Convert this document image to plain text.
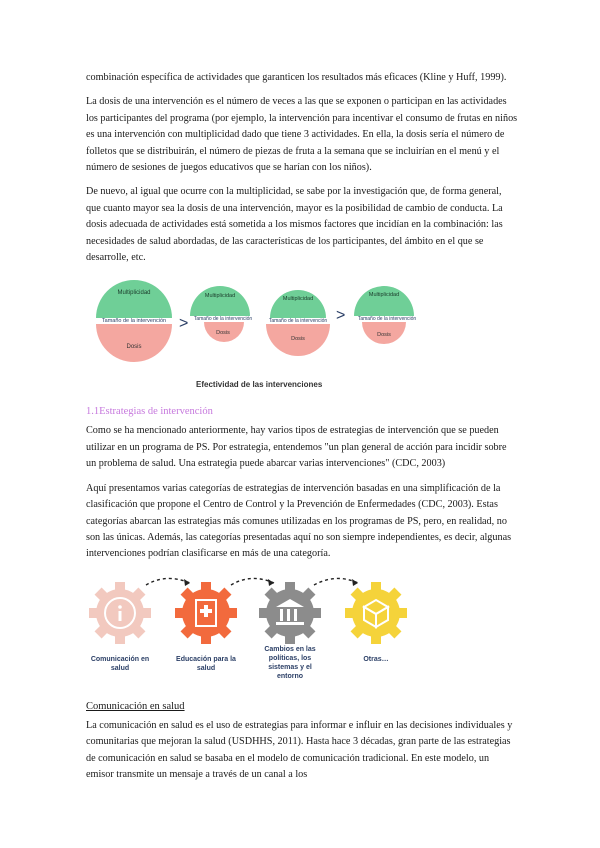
combinación específica de actividades que garanticen los resultados más eficaces (Kline y Huff, 1999).

La dosis de una intervención es el número de veces a las que se exponen o participan en las actividades los participantes del programa (por ejemplo, la intervención para incentivar el consumo de frutas en niños es una intervención con multiplicidad dado que tiene 3 actividades. En ella, la dosis sería el número de folletos que se distribuirán, el número de piezas de fruta a la semana que se incluirían en el menú y el número de sesiones de juegos educativos que se harían con los niños).

De nuevo, al igual que ocurre con la multiplicidad, se sabe por la investigación que, de forma general, que cuanto mayor sea la dosis de una intervención, mayor es la posibilidad de cambio de conducta. La dosis adecuada de actividades está sometida a los mismos factores que incidían en la combinación: las necesidades de salud abordadas, de las características de los participantes, del ámbito en el que se desarrolle, etc.

Multiplicidad
Tamaño de la intervención
Dosis
>
Multiplicidad
Tamaño de la intervención
Dosis
Multiplicidad
Tamaño de la intervención
Dosis
>
Multiplicidad
Tamaño de la intervención
Dosis
Efectividad de las intervenciones
1.1Estrategias de intervención

Como se ha mencionado anteriormente, hay varios tipos de estrategias de intervención que se pueden utilizar en un programa de PS. Por estrategia, entendemos "un plan general de acción para incidir sobre un problema de salud. Una estrategia puede abarcar varias intervenciones" (CDC, 2003)

Aquí presentamos varias categorías de estrategias de intervención basadas en una simplificación de la clasificación que propone el Centro de Control y la Prevención de Enfermedades (CDC, 2003). Estas categorías abarcan las estrategias más comunes utilizadas en los programas de PS, pero, en realidad, no son las únicas. Además, las categorías presentadas aquí no son siempre independientes, es decir, algunas intervenciones podrían clasificarse en más de una categoría.

Comunicación en salud
Educación para la salud
Cambios en las políticas, los sistemas y el entorno
Otras…
Comunicación en salud

La comunicación en salud es el uso de estrategias para informar e influir en las decisiones individuales y comunitarias que mejoran la salud (USDHHS, 2011). Hasta hace 3 décadas, gran parte de las estrategias de comunicación en salud se basaba en el modelo de comunicación tradicional. En este modelo, un emisor transmite un mensaje a través de un canal a los
